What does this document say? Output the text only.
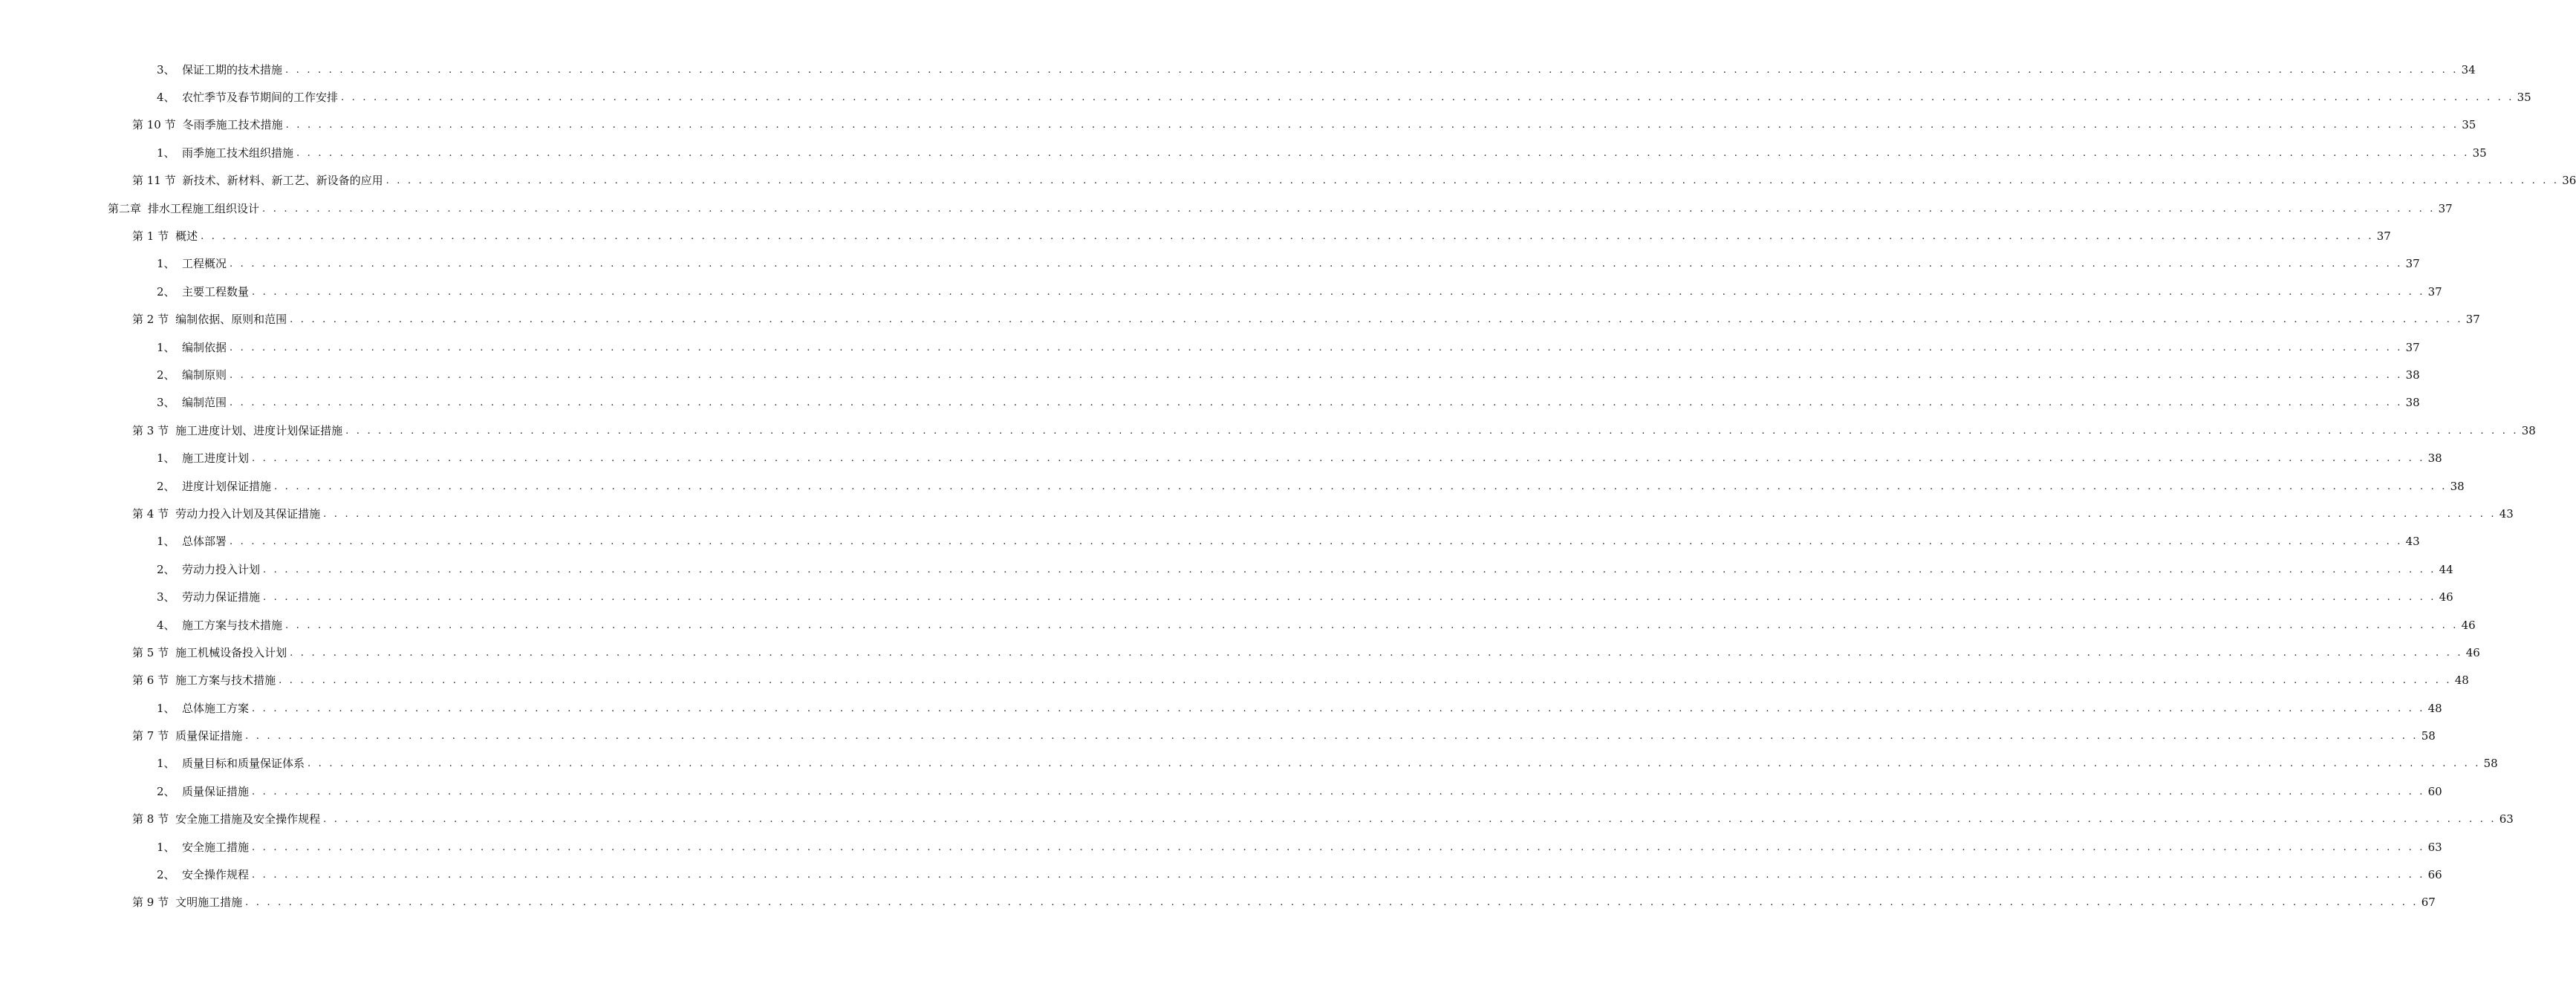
3、 保证工期的技术措施 . . . . . . . . . . . . . . . . . . . . . . . . . . . . . . . . . . . . . . . . . . . . . . . . . . . . . . . . . . . . . . . . . . . . . . . . . . . . . . . . . . . . . . . . . . . . . . . . . . . . . . . . . . . . . . . . . . . . . . . . . . . . . . . . . . . . . . . . . . . . . . . . . . . . . . . . . . . . . . . . . . . . . . . . . . . . . . . . . . . . . . . . . . . . . . . . . . . . . . . . 34
4、 农忙季节及春节期间的工作安排 . . . . . . . . . . . . . . . . . . . . . . . . . . . . . . . . . . . . . . . . . . . . . . . . . . . . . . . . . . . . . . . . . . . . . . . . . . . . . . . . . . . . . . . . . . . . . . . . . . . . . . . . . . . . . . . . . . . . . . . . . . . . . . . . . . . . . . . . . . . . . . . . . . . . . . . . . . . . . . . . . . . . . . . . . . . . . . . . . . . . . . . . . . . . . . . . . . . . . . . . 35
第 10 节 冬雨季施工技术措施 . . . . . . . . . . . . . . . . . . . . . . . . . . . . . . . . . . . . . . . . . . . . . . . . . . . . . . . . . . . . . . . . . . . . . . . . . . . . . . . . . . . . . . . . . . . . . . . . . . . . . . . . . . . . . . . . . . . . . . . . . . . . . . . . . . . . . . . . . . . . . . . . . . . . . . . . . . . . . . . . . . . . . . . . . . . . . . . . . . . . . . . . . . . . . . . . . . . . . . . . 35
1、 雨季施工技术组织措施 . . . . . . . . . . . . . . . . . . . . . . . . . . . . . . . . . . . . . . . . . . . . . . . . . . . . . . . . . . . . . . . . . . . . . . . . . . . . . . . . . . . . . . . . . . . . . . . . . . . . . . . . . . . . . . . . . . . . . . . . . . . . . . . . . . . . . . . . . . . . . . . . . . . . . . . . . . . . . . . . . . . . . . . . . . . . . . . . . . . . . . . . . . . . . . . . . . . . . . . . 35
第 11 节 新技术、新材料、新工艺、新设备的应用 . . . . . . . . . . . . . . . . . . . . . . . . . . . . . . . . . . . . . . . . . . . . . . . . . . . . . . . . . . . . . . . . . . . . . . . . . . . . . . . . . . . . . . . . . . . . . . . . . . . . . . . . . . . . . . . . . . . . . . . . . . . . . . . . . . . . . . . . . . . . . . . . . . . . . . . . . . . . . . . . . . . . . . . . . . . . . . . . . . . . . . . . . . . . . . . . . . . . . . . . 36
第二章 排水工程施工组织设计 . . . . . . . . . . . . . . . . . . . . . . . . . . . . . . . . . . . . . . . . . . . . . . . . . . . . . . . . . . . . . . . . . . . . . . . . . . . . . . . . . . . . . . . . . . . . . . . . . . . . . . . . . . . . . . . . . . . . . . . . . . . . . . . . . . . . . . . . . . . . . . . . . . . . . . . . . . . . . . . . . . . . . . . . . . . . . . . . . . . . . . . . . . . . . . . . . . . . . . . . 37
第 1 节 概述 . . . . . . . . . . . . . . . . . . . . . . . . . . . . . . . . . . . . . . . . . . . . . . . . . . . . . . . . . . . . . . . . . . . . . . . . . . . . . . . . . . . . . . . . . . . . . . . . . . . . . . . . . . . . . . . . . . . . . . . . . . . . . . . . . . . . . . . . . . . . . . . . . . . . . . . . . . . . . . . . . . . . . . . . . . . . . . . . . . . . . . . . . . . . . . . . . . . . . . . . 37
1、 工程概况 . . . . . . . . . . . . . . . . . . . . . . . . . . . . . . . . . . . . . . . . . . . . . . . . . . . . . . . . . . . . . . . . . . . . . . . . . . . . . . . . . . . . . . . . . . . . . . . . . . . . . . . . . . . . . . . . . . . . . . . . . . . . . . . . . . . . . . . . . . . . . . . . . . . . . . . . . . . . . . . . . . . . . . . . . . . . . . . . . . . . . . . . . . . . . . . . . . . . . . . . 37
2、 主要工程数量 . . . . . . . . . . . . . . . . . . . . . . . . . . . . . . . . . . . . . . . . . . . . . . . . . . . . . . . . . . . . . . . . . . . . . . . . . . . . . . . . . . . . . . . . . . . . . . . . . . . . . . . . . . . . . . . . . . . . . . . . . . . . . . . . . . . . . . . . . . . . . . . . . . . . . . . . . . . . . . . . . . . . . . . . . . . . . . . . . . . . . . . . . . . . . . . . . . . . . . . . 37
第 2 节 编制依据、原则和范围 . . . . . . . . . . . . . . . . . . . . . . . . . . . . . . . . . . . . . . . . . . . . . . . . . . . . . . . . . . . . . . . . . . . . . . . . . . . . . . . . . . . . . . . . . . . . . . . . . . . . . . . . . . . . . . . . . . . . . . . . . . . . . . . . . . . . . . . . . . . . . . . . . . . . . . . . . . . . . . . . . . . . . . . . . . . . . . . . . . . . . . . . . . . . . . . . . . . . . . . . 37
1、 编制依据 . . . . . . . . . . . . . . . . . . . . . . . . . . . . . . . . . . . . . . . . . . . . . . . . . . . . . . . . . . . . . . . . . . . . . . . . . . . . . . . . . . . . . . . . . . . . . . . . . . . . . . . . . . . . . . . . . . . . . . . . . . . . . . . . . . . . . . . . . . . . . . . . . . . . . . . . . . . . . . . . . . . . . . . . . . . . . . . . . . . . . . . . . . . . . . . . . . . . . . . . 37
2、 编制原则 . . . . . . . . . . . . . . . . . . . . . . . . . . . . . . . . . . . . . . . . . . . . . . . . . . . . . . . . . . . . . . . . . . . . . . . . . . . . . . . . . . . . . . . . . . . . . . . . . . . . . . . . . . . . . . . . . . . . . . . . . . . . . . . . . . . . . . . . . . . . . . . . . . . . . . . . . . . . . . . . . . . . . . . . . . . . . . . . . . . . . . . . . . . . . . . . . . . . . . . . 38
3、 编制范围 . . . . . . . . . . . . . . . . . . . . . . . . . . . . . . . . . . . . . . . . . . . . . . . . . . . . . . . . . . . . . . . . . . . . . . . . . . . . . . . . . . . . . . . . . . . . . . . . . . . . . . . . . . . . . . . . . . . . . . . . . . . . . . . . . . . . . . . . . . . . . . . . . . . . . . . . . . . . . . . . . . . . . . . . . . . . . . . . . . . . . . . . . . . . . . . . . . . . . . . . 38
第 3 节 施工进度计划、进度计划保证措施 . . . . . . . . . . . . . . . . . . . . . . . . . . . . . . . . . . . . . . . . . . . . . . . . . . . . . . . . . . . . . . . . . . . . . . . . . . . . . . . . . . . . . . . . . . . . . . . . . . . . . . . . . . . . . . . . . . . . . . . . . . . . . . . . . . . . . . . . . . . . . . . . . . . . . . . . . . . . . . . . . . . . . . . . . . . . . . . . . . . . . . . . . . . . . . . . . . . . . . . . 38
1、 施工进度计划 . . . . . . . . . . . . . . . . . . . . . . . . . . . . . . . . . . . . . . . . . . . . . . . . . . . . . . . . . . . . . . . . . . . . . . . . . . . . . . . . . . . . . . . . . . . . . . . . . . . . . . . . . . . . . . . . . . . . . . . . . . . . . . . . . . . . . . . . . . . . . . . . . . . . . . . . . . . . . . . . . . . . . . . . . . . . . . . . . . . . . . . . . . . . . . . . . . . . . . . . 38
2、 进度计划保证措施 . . . . . . . . . . . . . . . . . . . . . . . . . . . . . . . . . . . . . . . . . . . . . . . . . . . . . . . . . . . . . . . . . . . . . . . . . . . . . . . . . . . . . . . . . . . . . . . . . . . . . . . . . . . . . . . . . . . . . . . . . . . . . . . . . . . . . . . . . . . . . . . . . . . . . . . . . . . . . . . . . . . . . . . . . . . . . . . . . . . . . . . . . . . . . . . . . . . . . . . . 38
第 4 节 劳动力投入计划及其保证措施 . . . . . . . . . . . . . . . . . . . . . . . . . . . . . . . . . . . . . . . . . . . . . . . . . . . . . . . . . . . . . . . . . . . . . . . . . . . . . . . . . . . . . . . . . . . . . . . . . . . . . . . . . . . . . . . . . . . . . . . . . . . . . . . . . . . . . . . . . . . . . . . . . . . . . . . . . . . . . . . . . . . . . . . . . . . . . . . . . . . . . . . . . . . . . . . . . . . . . . . . 43
1、 总体部署 . . . . . . . . . . . . . . . . . . . . . . . . . . . . . . . . . . . . . . . . . . . . . . . . . . . . . . . . . . . . . . . . . . . . . . . . . . . . . . . . . . . . . . . . . . . . . . . . . . . . . . . . . . . . . . . . . . . . . . . . . . . . . . . . . . . . . . . . . . . . . . . . . . . . . . . . . . . . . . . . . . . . . . . . . . . . . . . . . . . . . . . . . . . . . . . . . . . . . . . . 43
2、 劳动力投入计划 . . . . . . . . . . . . . . . . . . . . . . . . . . . . . . . . . . . . . . . . . . . . . . . . . . . . . . . . . . . . . . . . . . . . . . . . . . . . . . . . . . . . . . . . . . . . . . . . . . . . . . . . . . . . . . . . . . . . . . . . . . . . . . . . . . . . . . . . . . . . . . . . . . . . . . . . . . . . . . . . . . . . . . . . . . . . . . . . . . . . . . . . . . . . . . . . . . . . . . . . 44
3、 劳动力保证措施 . . . . . . . . . . . . . . . . . . . . . . . . . . . . . . . . . . . . . . . . . . . . . . . . . . . . . . . . . . . . . . . . . . . . . . . . . . . . . . . . . . . . . . . . . . . . . . . . . . . . . . . . . . . . . . . . . . . . . . . . . . . . . . . . . . . . . . . . . . . . . . . . . . . . . . . . . . . . . . . . . . . . . . . . . . . . . . . . . . . . . . . . . . . . . . . . . . . . . . . . 46
4、 施工方案与技术措施 . . . . . . . . . . . . . . . . . . . . . . . . . . . . . . . . . . . . . . . . . . . . . . . . . . . . . . . . . . . . . . . . . . . . . . . . . . . . . . . . . . . . . . . . . . . . . . . . . . . . . . . . . . . . . . . . . . . . . . . . . . . . . . . . . . . . . . . . . . . . . . . . . . . . . . . . . . . . . . . . . . . . . . . . . . . . . . . . . . . . . . . . . . . . . . . . . . . . . . . . 46
第 5 节 施工机械设备投入计划 . . . . . . . . . . . . . . . . . . . . . . . . . . . . . . . . . . . . . . . . . . . . . . . . . . . . . . . . . . . . . . . . . . . . . . . . . . . . . . . . . . . . . . . . . . . . . . . . . . . . . . . . . . . . . . . . . . . . . . . . . . . . . . . . . . . . . . . . . . . . . . . . . . . . . . . . . . . . . . . . . . . . . . . . . . . . . . . . . . . . . . . . . . . . . . . . . . . . . . . . 46
第 6 节 施工方案与技术措施 . . . . . . . . . . . . . . . . . . . . . . . . . . . . . . . . . . . . . . . . . . . . . . . . . . . . . . . . . . . . . . . . . . . . . . . . . . . . . . . . . . . . . . . . . . . . . . . . . . . . . . . . . . . . . . . . . . . . . . . . . . . . . . . . . . . . . . . . . . . . . . . . . . . . . . . . . . . . . . . . . . . . . . . . . . . . . . . . . . . . . . . . . . . . . . . . . . . . . . . . 48
1、 总体施工方案 . . . . . . . . . . . . . . . . . . . . . . . . . . . . . . . . . . . . . . . . . . . . . . . . . . . . . . . . . . . . . . . . . . . . . . . . . . . . . . . . . . . . . . . . . . . . . . . . . . . . . . . . . . . . . . . . . . . . . . . . . . . . . . . . . . . . . . . . . . . . . . . . . . . . . . . . . . . . . . . . . . . . . . . . . . . . . . . . . . . . . . . . . . . . . . . . . . . . . . . . 48
第 7 节 质量保证措施 . . . . . . . . . . . . . . . . . . . . . . . . . . . . . . . . . . . . . . . . . . . . . . . . . . . . . . . . . . . . . . . . . . . . . . . . . . . . . . . . . . . . . . . . . . . . . . . . . . . . . . . . . . . . . . . . . . . . . . . . . . . . . . . . . . . . . . . . . . . . . . . . . . . . . . . . . . . . . . . . . . . . . . . . . . . . . . . . . . . . . . . . . . . . . . . . . . . . . . . . 58
1、 质量目标和质量保证体系 . . . . . . . . . . . . . . . . . . . . . . . . . . . . . . . . . . . . . . . . . . . . . . . . . . . . . . . . . . . . . . . . . . . . . . . . . . . . . . . . . . . . . . . . . . . . . . . . . . . . . . . . . . . . . . . . . . . . . . . . . . . . . . . . . . . . . . . . . . . . . . . . . . . . . . . . . . . . . . . . . . . . . . . . . . . . . . . . . . . . . . . . . . . . . . . . . . . . . . . . 58
2、 质量保证措施 . . . . . . . . . . . . . . . . . . . . . . . . . . . . . . . . . . . . . . . . . . . . . . . . . . . . . . . . . . . . . . . . . . . . . . . . . . . . . . . . . . . . . . . . . . . . . . . . . . . . . . . . . . . . . . . . . . . . . . . . . . . . . . . . . . . . . . . . . . . . . . . . . . . . . . . . . . . . . . . . . . . . . . . . . . . . . . . . . . . . . . . . . . . . . . . . . . . . . . . . 60
第 8 节 安全施工措施及安全操作规程 . . . . . . . . . . . . . . . . . . . . . . . . . . . . . . . . . . . . . . . . . . . . . . . . . . . . . . . . . . . . . . . . . . . . . . . . . . . . . . . . . . . . . . . . . . . . . . . . . . . . . . . . . . . . . . . . . . . . . . . . . . . . . . . . . . . . . . . . . . . . . . . . . . . . . . . . . . . . . . . . . . . . . . . . . . . . . . . . . . . . . . . . . . . . . . . . . . . . . . . . 63
1、 安全施工措施 . . . . . . . . . . . . . . . . . . . . . . . . . . . . . . . . . . . . . . . . . . . . . . . . . . . . . . . . . . . . . . . . . . . . . . . . . . . . . . . . . . . . . . . . . . . . . . . . . . . . . . . . . . . . . . . . . . . . . . . . . . . . . . . . . . . . . . . . . . . . . . . . . . . . . . . . . . . . . . . . . . . . . . . . . . . . . . . . . . . . . . . . . . . . . . . . . . . . . . . . 63
2、 安全操作规程 . . . . . . . . . . . . . . . . . . . . . . . . . . . . . . . . . . . . . . . . . . . . . . . . . . . . . . . . . . . . . . . . . . . . . . . . . . . . . . . . . . . . . . . . . . . . . . . . . . . . . . . . . . . . . . . . . . . . . . . . . . . . . . . . . . . . . . . . . . . . . . . . . . . . . . . . . . . . . . . . . . . . . . . . . . . . . . . . . . . . . . . . . . . . . . . . . . . . . . . . 66
第 9 节 文明施工措施 . . . . . . . . . . . . . . . . . . . . . . . . . . . . . . . . . . . . . . . . . . . . . . . . . . . . . . . . . . . . . . . . . . . . . . . . . . . . . . . . . . . . . . . . . . . . . . . . . . . . . . . . . . . . . . . . . . . . . . . . . . . . . . . . . . . . . . . . . . . . . . . . . . . . . . . . . . . . . . . . . . . . . . . . . . . . . . . . . . . . . . . . . . . . . . . . . . . . . . . . 67
